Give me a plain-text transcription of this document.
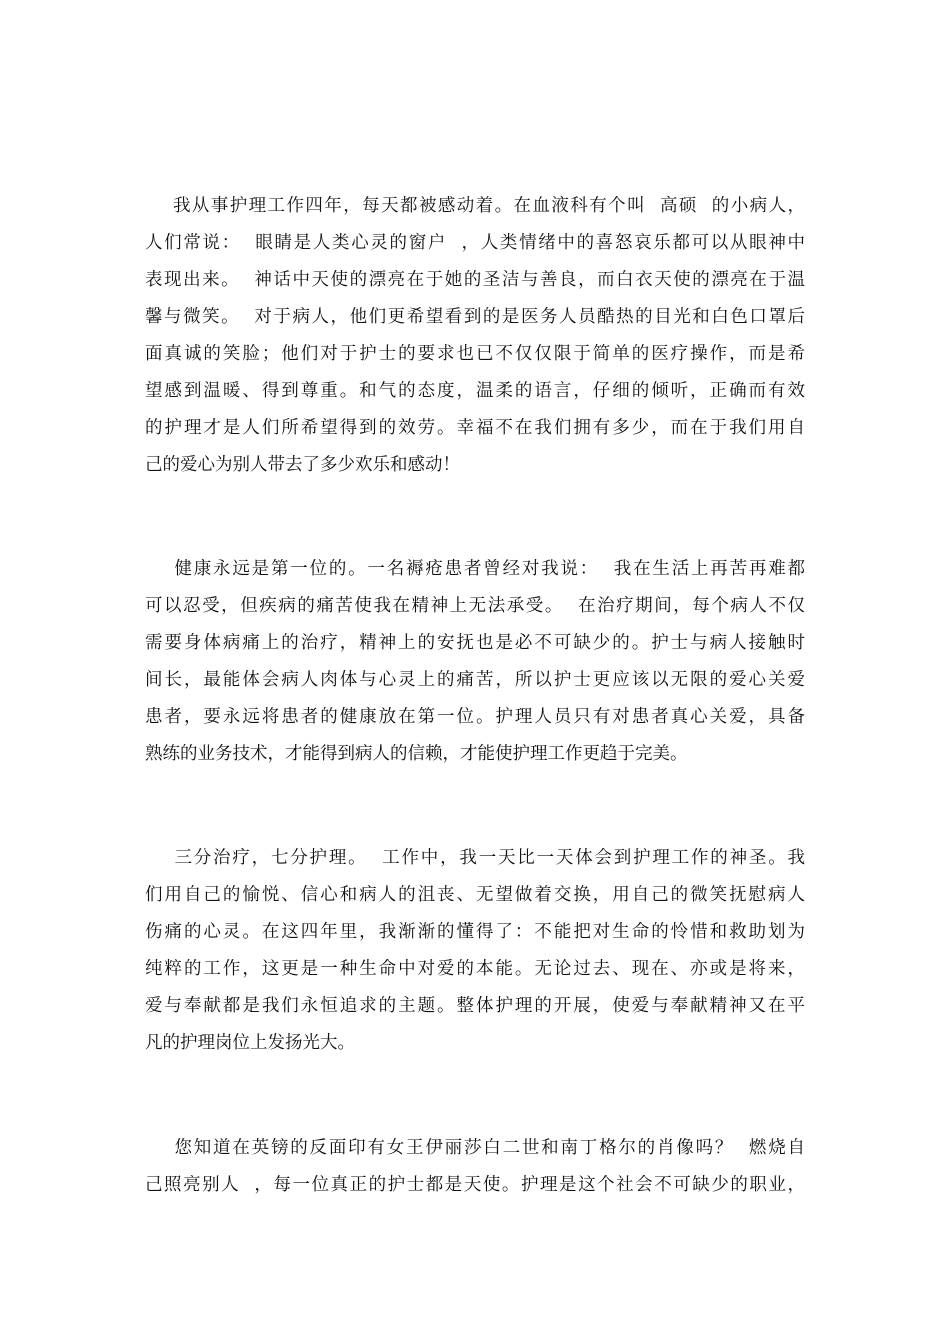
我从事护理工作四年，每天都被感动着。在血液科有个叫  高硕  的小病人，
人们常说：  眼睛是人类心灵的窗户  ，人类情绪中的喜怒哀乐都可以从眼神中
表现出来。  神话中天使的漂亮在于她的圣洁与善良，而白衣天使的漂亮在于温
馨与微笑。  对于病人，他们更希望看到的是医务人员酷热的目光和白色口罩后
面真诚的笑脸；他们对于护士的要求也已不仅仅限于简单的医疗操作，而是希
望感到温暖、得到尊重。和气的态度，温柔的语言，仔细的倾听，正确而有效
的护理才是人们所希望得到的效劳。幸福不在我们拥有多少，而在于我们用自
己的爱心为别人带去了多少欢乐和感动！
健康永远是第一位的。一名褥疮患者曾经对我说：  我在生活上再苦再难都
可以忍受，但疾病的痛苦使我在精神上无法承受。  在治疗期间，每个病人不仅
需要身体病痛上的治疗，精神上的安抚也是必不可缺少的。护士与病人接触时
间长，最能体会病人肉体与心灵上的痛苦，所以护士更应该以无限的爱心关爱
患者，要永远将患者的健康放在第一位。护理人员只有对患者真心关爱，具备
熟练的业务技术，才能得到病人的信赖，才能使护理工作更趋于完美。
三分治疗，七分护理。  工作中，我一天比一天体会到护理工作的神圣。我
们用自己的愉悦、信心和病人的沮丧、无望做着交换，用自己的微笑抚慰病人
伤痛的心灵。在这四年里，我渐渐的懂得了：不能把对生命的怜惜和救助划为
纯粹的工作，这更是一种生命中对爱的本能。无论过去、现在、亦或是将来，
爱与奉献都是我们永恒追求的主题。整体护理的开展，使爱与奉献精神又在平
凡的护理岗位上发扬光大。
您知道在英镑的反面印有女王伊丽莎白二世和南丁格尔的肖像吗？  燃烧自
己照亮别人  ，每一位真正的护士都是天使。护理是这个社会不可缺少的职业，
